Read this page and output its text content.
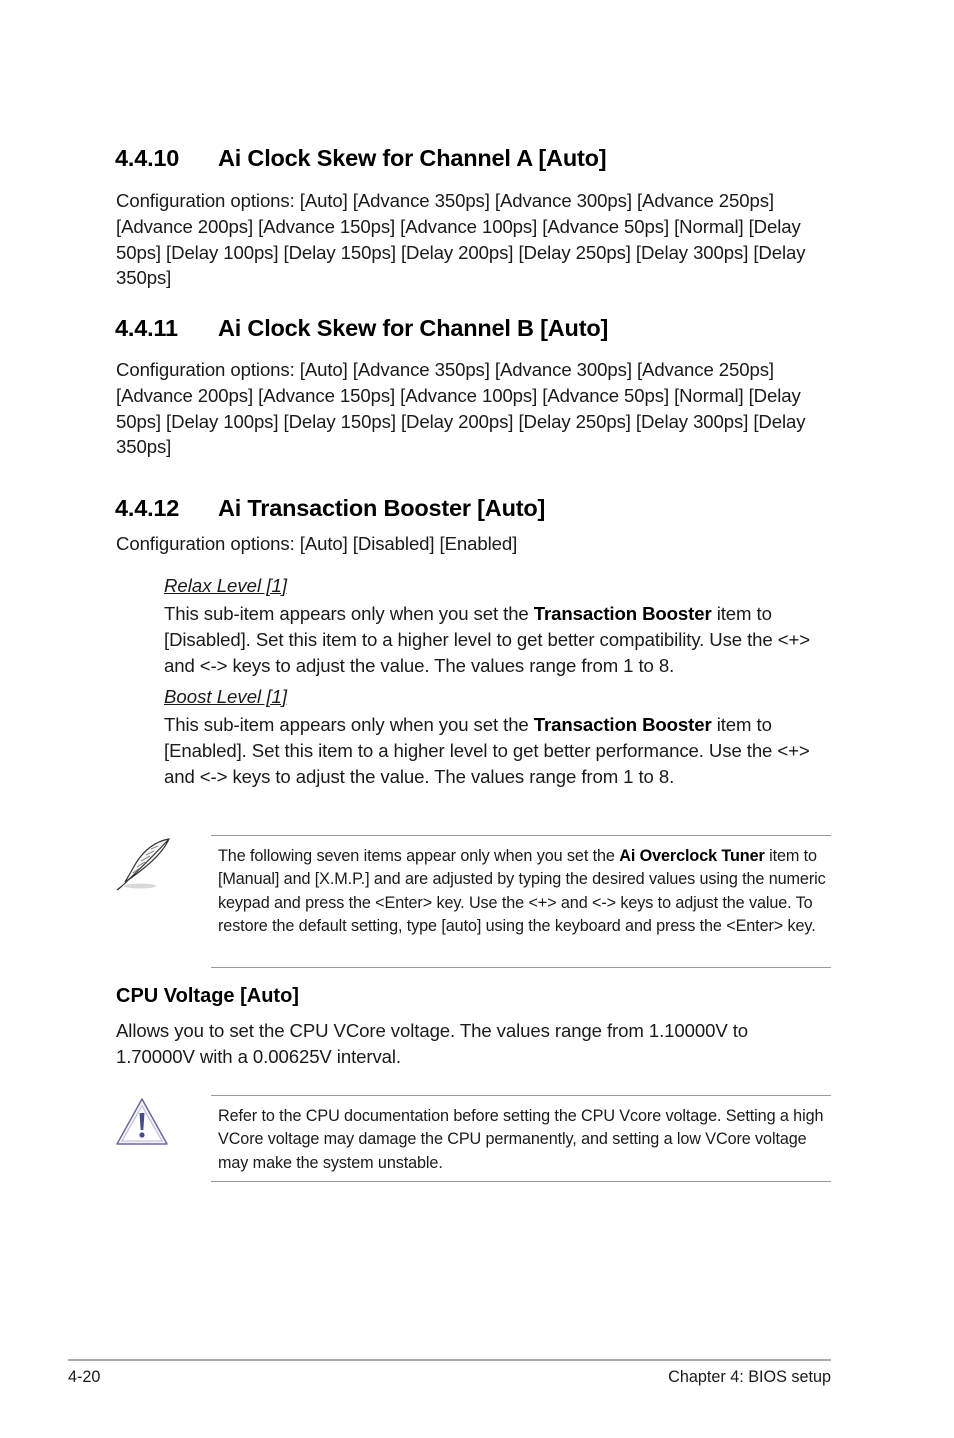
4.4.10 Ai Clock Skew for Channel A [Auto]
Configuration options: [Auto] [Advance 350ps] [Advance 300ps] [Advance 250ps] [Advance 200ps] [Advance 150ps] [Advance 100ps] [Advance 50ps] [Normal] [Delay 50ps] [Delay 100ps] [Delay 150ps] [Delay 200ps] [Delay 250ps] [Delay 300ps] [Delay 350ps]
4.4.11 Ai Clock Skew for Channel B [Auto]
Configuration options: [Auto] [Advance 350ps] [Advance 300ps] [Advance 250ps] [Advance 200ps] [Advance 150ps] [Advance 100ps] [Advance 50ps] [Normal] [Delay 50ps] [Delay 100ps] [Delay 150ps] [Delay 200ps] [Delay 250ps] [Delay 300ps] [Delay 350ps]
4.4.12 Ai Transaction Booster [Auto]
Configuration options: [Auto] [Disabled] [Enabled]
Relax Level [1]
This sub-item appears only when you set the Transaction Booster item to [Disabled]. Set this item to a higher level to get better compatibility. Use the <+> and <-> keys to adjust the value. The values range from 1 to 8.
Boost Level [1]
This sub-item appears only when you set the Transaction Booster item to [Enabled]. Set this item to a higher level to get better performance. Use the <+> and <-> keys to adjust the value. The values range from 1 to 8.
The following seven items appear only when you set the Ai Overclock Tuner item to [Manual] and [X.M.P.] and are adjusted by typing the desired values using the numeric keypad and press the <Enter> key. Use the <+> and <-> keys to adjust the value. To restore the default setting, type [auto] using the keyboard and press the <Enter> key.
CPU Voltage [Auto]
Allows you to set the CPU VCore voltage. The values range from 1.10000V to 1.70000V with a 0.00625V interval.
Refer to the CPU documentation before setting the CPU Vcore voltage. Setting a high VCore voltage may damage the CPU permanently, and setting a low VCore voltage may make the system unstable.
4-20	Chapter 4: BIOS setup
